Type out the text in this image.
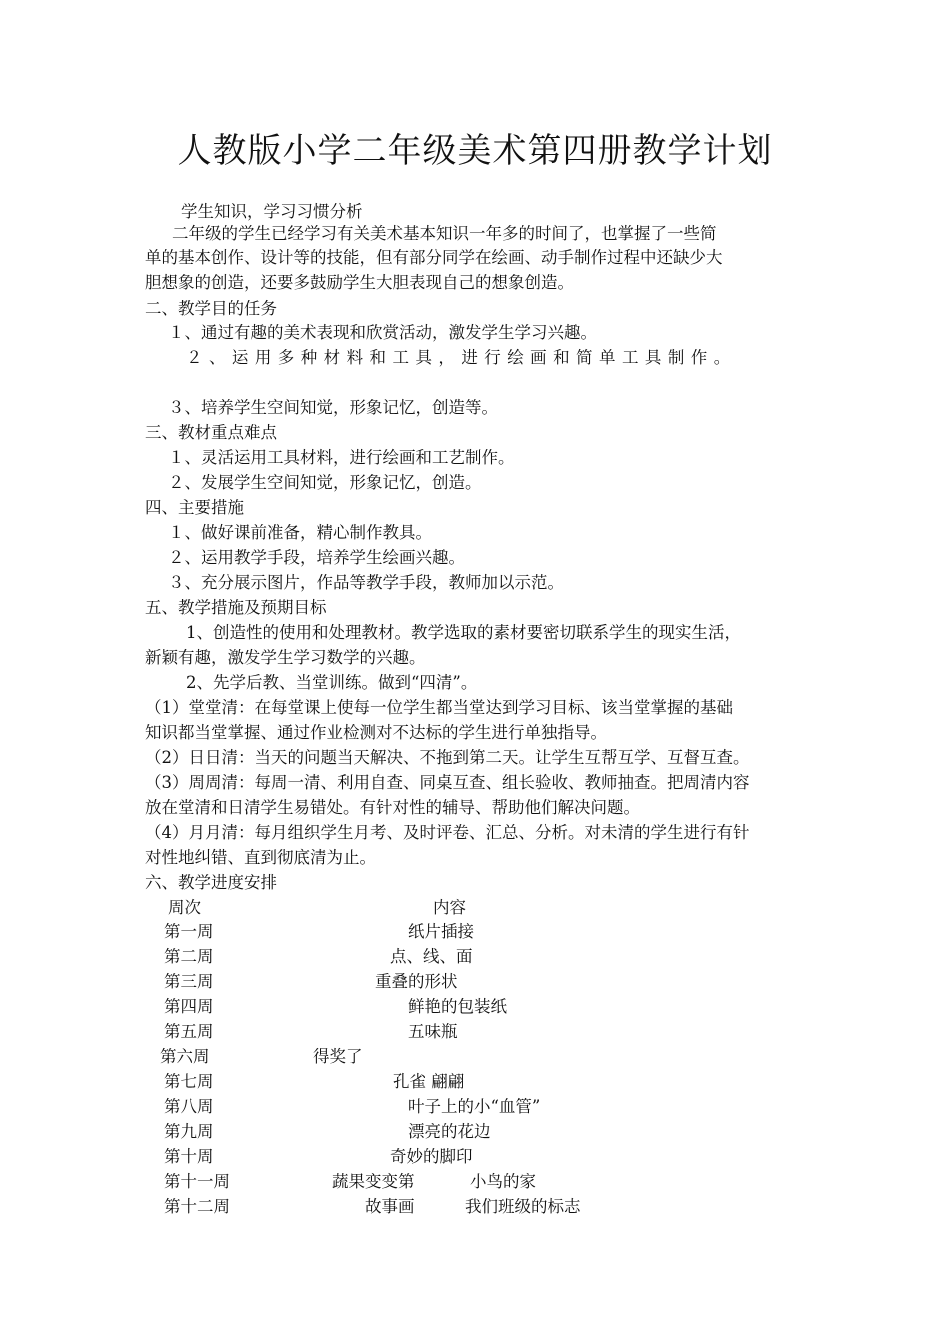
人教版小学二年级美术第四册教学计划
学生知识，学习习惯分析
二年级的学生已经学习有关美术基本知识一年多的时间了，也掌握了一些简
单的基本创作、设计等的技能，但有部分同学在绘画、动手制作过程中还缺少大
胆想象的创造，还要多鼓励学生大胆表现自己的想象创造。
二、教学目的任务
１、通过有趣的美术表现和欣赏活动，激发学生学习兴趣。
２ 、 运 用 多 种 材 料 和 工 具 ， 进 行 绘 画 和 简 单 工 具 制 作 。
３、培养学生空间知觉，形象记忆，创造等。
三、教材重点难点
１、灵活运用工具材料，进行绘画和工艺制作。
２、发展学生空间知觉，形象记忆，创造。
四、主要措施
１、做好课前准备，精心制作教具。
２、运用教学手段，培养学生绘画兴趣。
３、充分展示图片，作品等教学手段，教师加以示范。
五、教学措施及预期目标
1、创造性的使用和处理教材。教学选取的素材要密切联系学生的现实生活，
新颖有趣，激发学生学习数学的兴趣。
2、先学后教、当堂训练。做到“四清”。
（1）堂堂清：在每堂课上使每一位学生都当堂达到学习目标、该当堂掌握的基础
知识都当堂掌握、通过作业检测对不达标的学生进行单独指导。
（2）日日清：当天的问题当天解决、不拖到第二天。让学生互帮互学、互督互查。
（3）周周清：每周一清、利用自查、同桌互查、组长验收、教师抽查。把周清内容
放在堂清和日清学生易错处。有针对性的辅导、帮助他们解决问题。
（4）月月清：每月组织学生月考、及时评卷、汇总、分析。对未清的学生进行有针
对性地纠错、直到彻底清为止。
六、教学进度安排
周次	内容
第一周	纸片插接
第二周	点、线、面
第三周	重叠的形状
第四周	鲜艳的包装纸
第五周	五味瓶
第六周	得奖了
第七周	孔雀 翩翩
第八周	叶子上的小“血管”
第九周	漂亮的花边
第十周	奇妙的脚印
第十一周	蔬果变变第	小鸟的家
第十二周	故事画	我们班级的标志
